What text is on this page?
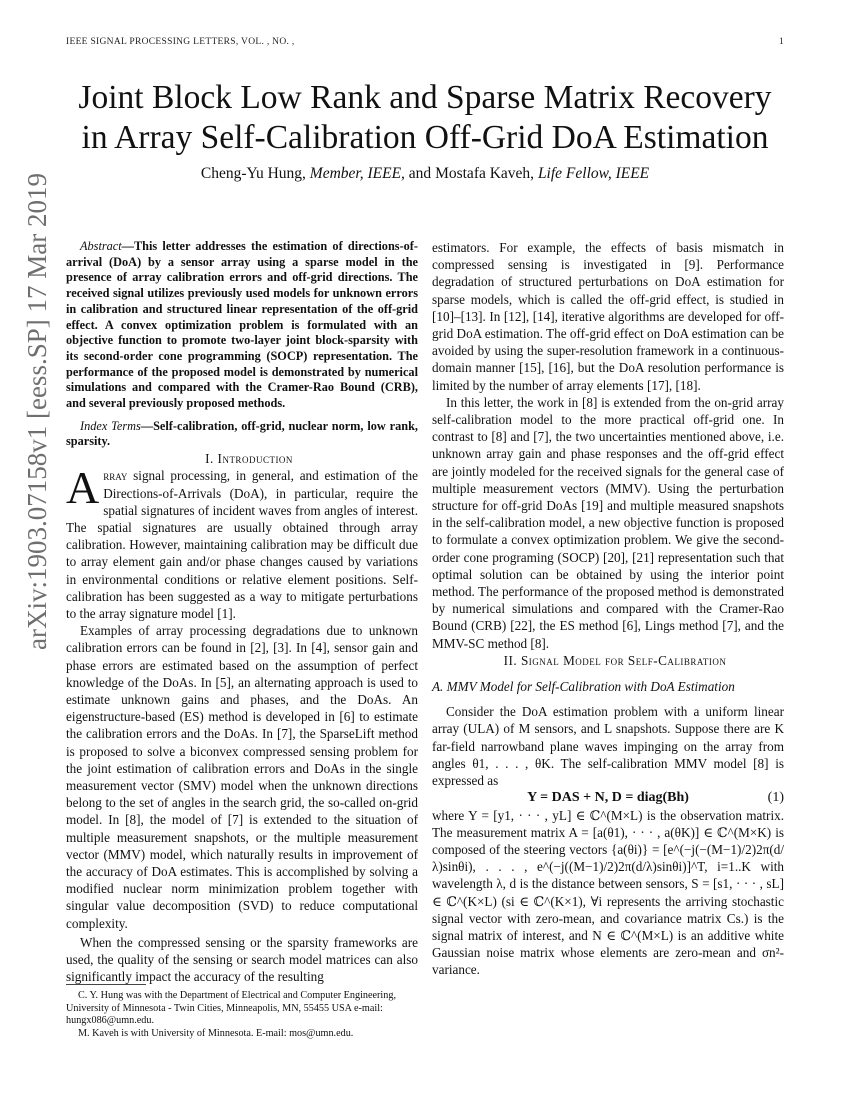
IEEE SIGNAL PROCESSING LETTERS, VOL. , NO. ,	1
arXiv:1903.07158v1 [eess.SP] 17 Mar 2019
Joint Block Low Rank and Sparse Matrix Recovery
in Array Self-Calibration Off-Grid DoA Estimation

Cheng-Yu Hung, Member, IEEE, and Mostafa Kaveh, Life Fellow, IEEE

Abstract—This letter addresses the estimation of directions-of-arrival (DoA) by a sensor array using a sparse model in the presence of array calibration errors and off-grid directions. The received signal utilizes previously used models for unknown errors in calibration and structured linear representation of the off-grid effect. A convex optimization problem is formulated with an objective function to promote two-layer joint block-sparsity with its second-order cone programming (SOCP) representation. The performance of the proposed model is demonstrated by numerical simulations and compared with the Cramer-Rao Bound (CRB), and several previously proposed methods.

Index Terms—Self-calibration, off-grid, nuclear norm, low rank, sparsity.

I. Introduction

Array signal processing, in general, and estimation of the Directions-of-Arrivals (DoA), in particular, require the spatial signatures of incident waves from angles of interest. The spatial signatures are usually obtained through array calibration. However, maintaining calibration may be difficult due to array element gain and/or phase changes caused by variations in environmental conditions or relative element positions. Self-calibration has been suggested as a way to mitigate perturbations to the array signature model [1].

Examples of array processing degradations due to unknown calibration errors can be found in [2], [3]. In [4], sensor gain and phase errors are estimated based on the assumption of perfect knowledge of the DoAs. In [5], an alternating approach is used to estimate unknown gains and phases, and the DoAs. An eigenstructure-based (ES) method is developed in [6] to estimate the calibration errors and the DoAs. In [7], the SparseLift method is proposed to solve a biconvex compressed sensing problem for the joint estimation of calibration errors and DoAs in the single measurement vector (SMV) model when the unknown directions belong to the set of angles in the search grid, the so-called on-grid model. In [8], the model of [7] is extended to the situation of multiple measurement snapshots, or the multiple measurement vector (MMV) model, which naturally results in improvement of the accuracy of DoA estimates. This is accomplished by solving a modified nuclear norm minimization problem together with singular value decomposition (SVD) to reduce computational complexity.

When the compressed sensing or the sparsity frameworks are used, the quality of the sensing or search model matrices can also significantly impact the accuracy of the resulting

C. Y. Hung was with the Department of Electrical and Computer Engineering, University of Minnesota - Twin Cities, Minneapolis, MN, 55455 USA e-mail: hungx086@umn.edu.

M. Kaveh is with University of Minnesota. E-mail: mos@umn.edu.

estimators. For example, the effects of basis mismatch in compressed sensing is investigated in [9]. Performance degradation of structured perturbations on DoA estimation for sparse models, which is called the off-grid effect, is studied in [10]–[13]. In [12], [14], iterative algorithms are developed for off-grid DoA estimation. The off-grid effect on DoA estimation can be avoided by using the super-resolution framework in a continuous-domain manner [15], [16], but the DoA resolution performance is limited by the number of array elements [17], [18].

In this letter, the work in [8] is extended from the on-grid array self-calibration model to the more practical off-grid one. In contrast to [8] and [7], the two uncertainties mentioned above, i.e. unknown array gain and phase responses and the off-grid effect are jointly modeled for the received signals for the general case of multiple measurement vectors (MMV). Using the perturbation structure for off-grid DoAs [19] and multiple measured snapshots in the self-calibration model, a new objective function is proposed to formulate a convex optimization problem. We give the second-order cone programing (SOCP) [20], [21] representation such that optimal solution can be obtained by using the interior point method. The performance of the proposed method is demonstrated by numerical simulations and compared with the Cramer-Rao Bound (CRB) [22], the ES method [6], Lings method [7], and the MMV-SC method [8].

II. Signal Model for Self-Calibration

A. MMV Model for Self-Calibration with DoA Estimation

Consider the DoA estimation problem with a uniform linear array (ULA) of M sensors, and L snapshots. Suppose there are K far-field narrowband plane waves impinging on the array from angles θ1, . . . , θK. The self-calibration MMV model [8] is expressed as

Y = DAS + N, D = diag(Bh)	(1)

where Y = [y1, · · · , yL] ∈ ℂ^(M×L) is the observation matrix. The measurement matrix A = [a(θ1), · · · , a(θK)] ∈ ℂ^(M×K) is composed of the steering vectors {a(θi)} = [e^(−j(−(M−1)/2)2π(d/λ)sinθi), . . . , e^(−j((M−1)/2)2π(d/λ)sinθi)]^T, i=1..K with wavelength λ, d is the distance between sensors, S = [s1, · · · , sL] ∈ ℂ^(K×L) (si ∈ ℂ^(K×1), ∀i represents the arriving stochastic signal vector with zero-mean, and covariance matrix Cs.) is the signal matrix of interest, and N ∈ ℂ^(M×L) is an additive white Gaussian noise matrix whose elements are zero-mean and σn²-variance.
